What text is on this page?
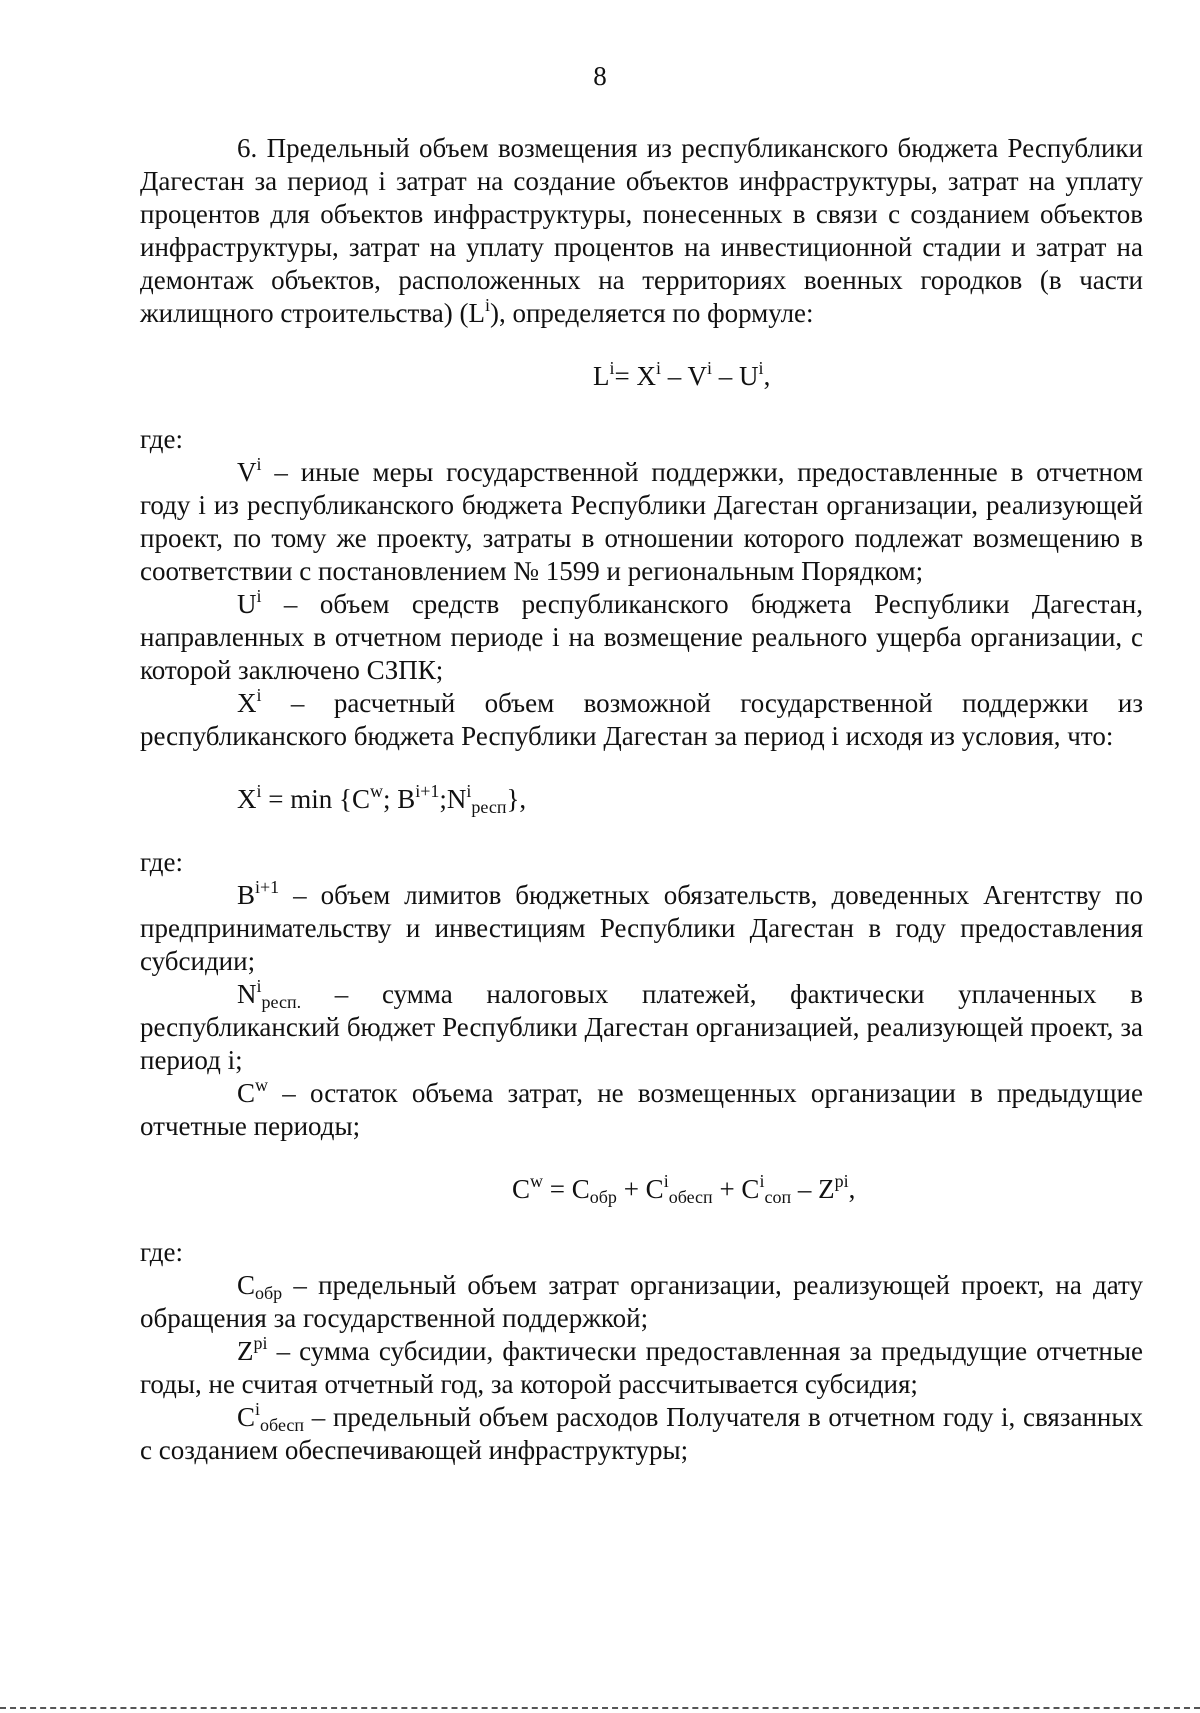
8

6. Предельный объем возмещения из республиканского бюджета Республики Дагестан за период i затрат на создание объектов инфраструктуры, затрат на уплату процентов для объектов инфраструктуры, понесенных в связи с созданием объектов инфраструктуры, затрат на уплату процентов на инвестиционной стадии и затрат на демонтаж объектов, расположенных на территориях военных городков (в части жилищного строительства) $(L^i)$, определяется по формуле:

$L^i= X^i - V^i - U^i$,

где:

$V^i$ – иные меры государственной поддержки, предоставленные в отчетном году i из республиканского бюджета Республики Дагестан организации, реализующей проект, по тому же проекту, затраты в отношении которого подлежат возмещению в соответствии с постановлением № 1599 и региональным Порядком;

$U^i$ – объем средств республиканского бюджета Республики Дагестан, направленных в отчетном периоде i на возмещение реального ущерба организации, с которой заключено СЗПК;

$X^i$ – расчетный объем возможной государственной поддержки из республиканского бюджета Республики Дагестан за период i исходя из условия, что:

$X^i = \min \{C^w$; $B^{i+1};N^i_{респ}$},

где:

$B^{i+1}$ – объем лимитов бюджетных обязательств, доведенных Агентству по предпринимательству и инвестициям Республики Дагестан в году предоставления субсидии;

$N^i_{респ.}$ – сумма налоговых платежей, фактически уплаченных в республиканский бюджет Республики Дагестан организацией, реализующей проект, за период i;

$C^w$ – остаток объема затрат, не возмещенных организации в предыдущие отчетные периоды;

$C^w = C_{обр} + C^i_{обесп} + C^i_{соп} - Z^{pi}$,

где:

$C_{обр}$ – предельный объем затрат организации, реализующей проект, на дату обращения за государственной поддержкой;

$Z^{pi}$ – сумма субсидии, фактически предоставленная за предыдущие отчетные годы, не считая отчетный год, за которой рассчитывается субсидия;

$C^i_{обесп}$ – предельный объем расходов Получателя в отчетном году i, связанных с созданием обеспечивающей инфраструктуры;
